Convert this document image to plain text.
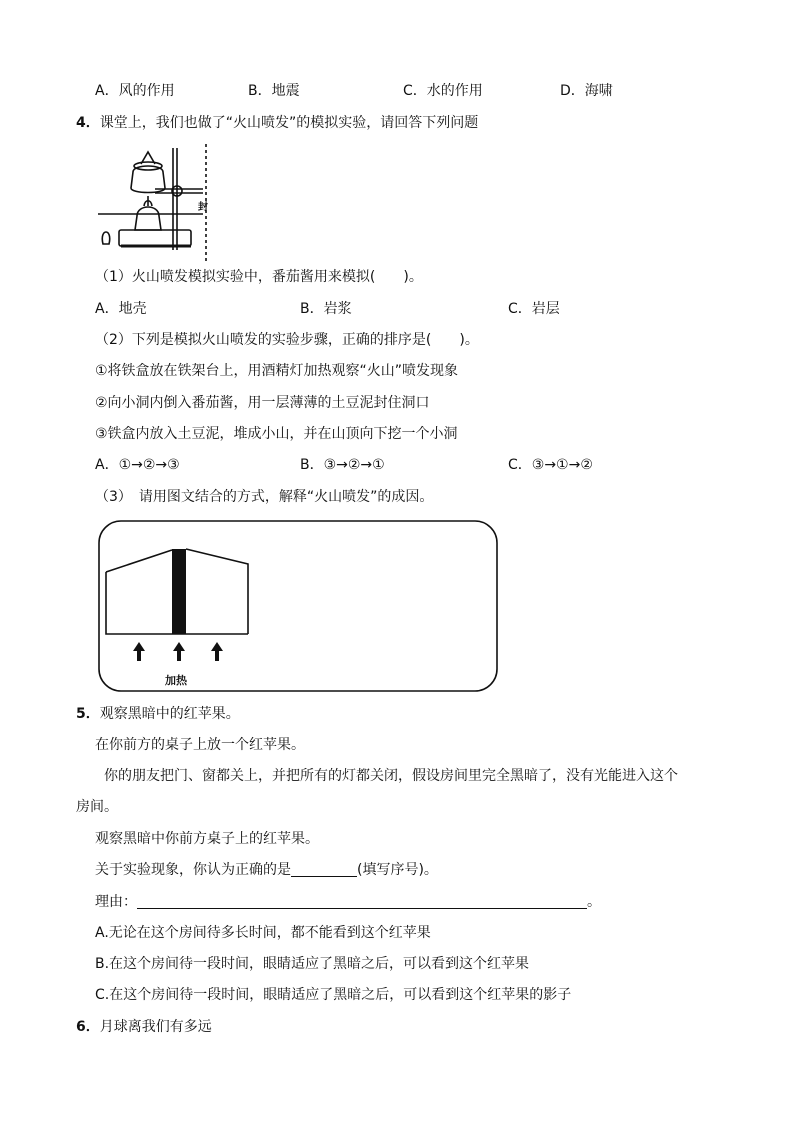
A．风的作用	B．地震	C．水的作用	D．海啸
4．课堂上，我们也做了“火山喷发”的模拟实验，请回答下列问题
封
（1）火山喷发模拟实验中，番茄酱用来模拟(　　)。
A．地壳	B．岩浆	C．岩层
（2）下列是模拟火山喷发的实验步骤，正确的排序是(　　)。
①将铁盒放在铁架台上，用酒精灯加热观察“火山”喷发现象
②向小洞内倒入番茄酱，用一层薄薄的土豆泥封住洞口
③铁盒内放入土豆泥，堆成小山，并在山顶向下挖一个小洞
A．①→②→③	B．③→②→①	C．③→①→②
（3）　请用图文结合的方式，解释“火山喷发”的成因。
加热
5．观察黑暗中的红苹果。
在你前方的桌子上放一个红苹果。
你的朋友把门、窗都关上，并把所有的灯都关闭，假设房间里完全黑暗了，没有光能进入这个
房间。
观察黑暗中你前方桌子上的红苹果。
关于实验现象，你认为正确的是	(填写序号)。
理由：	。
A.无论在这个房间待多长时间，都不能看到这个红苹果
B.在这个房间待一段时间，眼睛适应了黑暗之后，可以看到这个红苹果
C.在这个房间待一段时间，眼睛适应了黑暗之后，可以看到这个红苹果的影子
6．月球离我们有多远
